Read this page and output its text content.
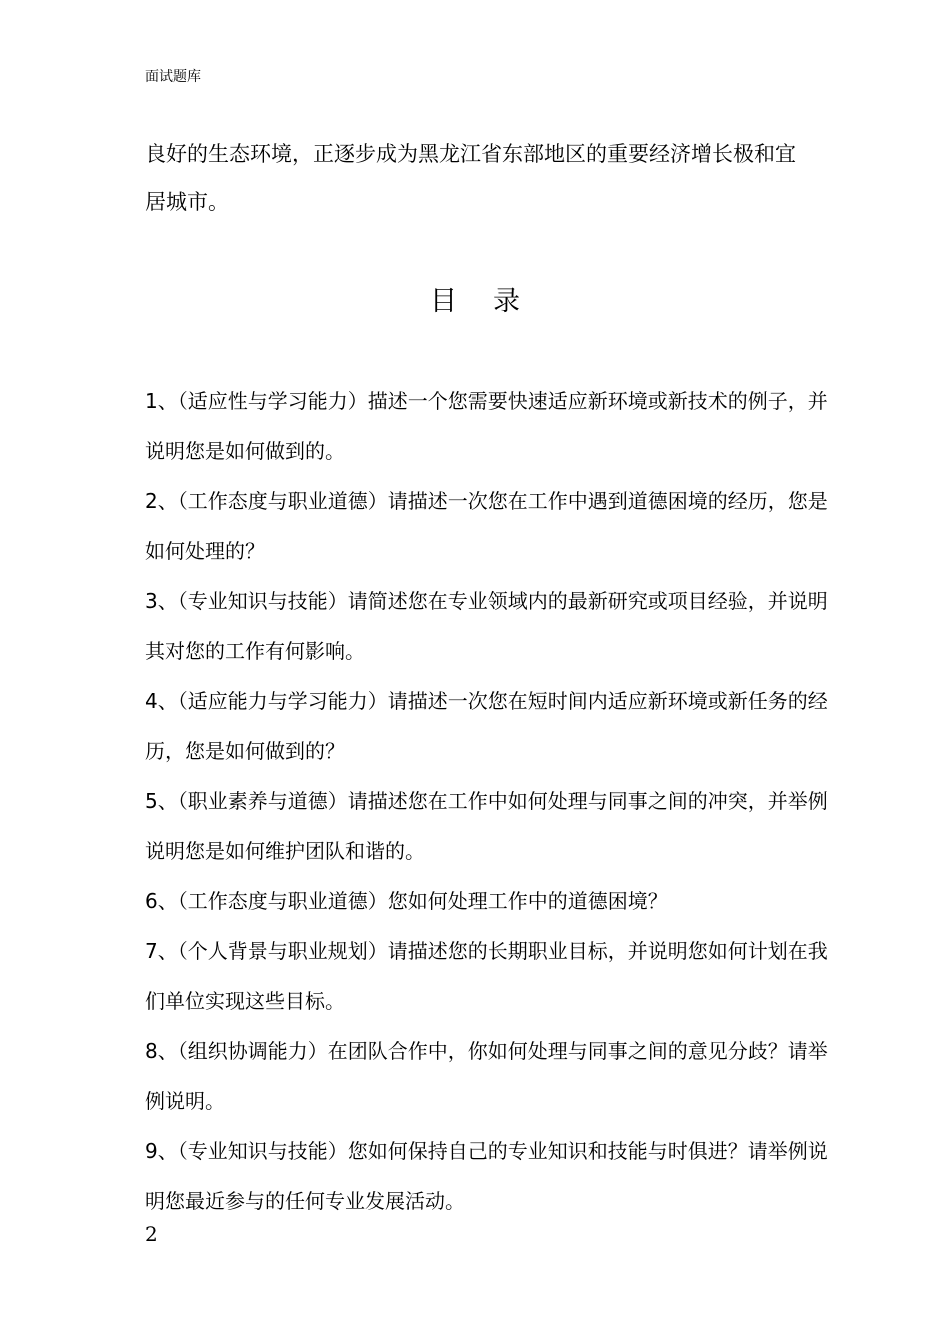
面试题库

良好的生态环境，正逐步成为黑龙江省东部地区的重要经济增长极和宜居城市。

目录
1、（适应性与学习能力）描述一个您需要快速适应新环境或新技术的例子，并说明您是如何做到的。
2、（工作态度与职业道德）请描述一次您在工作中遇到道德困境的经历，您是如何处理的？
3、（专业知识与技能）请简述您在专业领域内的最新研究或项目经验，并说明其对您的工作有何影响。
4、（适应能力与学习能力）请描述一次您在短时间内适应新环境或新任务的经历，您是如何做到的？
5、（职业素养与道德）请描述您在工作中如何处理与同事之间的冲突，并举例说明您是如何维护团队和谐的。
6、（工作态度与职业道德）您如何处理工作中的道德困境？
7、（个人背景与职业规划）请描述您的长期职业目标，并说明您如何计划在我们单位实现这些目标。
8、（组织协调能力）在团队合作中，你如何处理与同事之间的意见分歧？请举例说明。
9、（专业知识与技能）您如何保持自己的专业知识和技能与时俱进？请举例说明您最近参与的任何专业发展活动。
2
